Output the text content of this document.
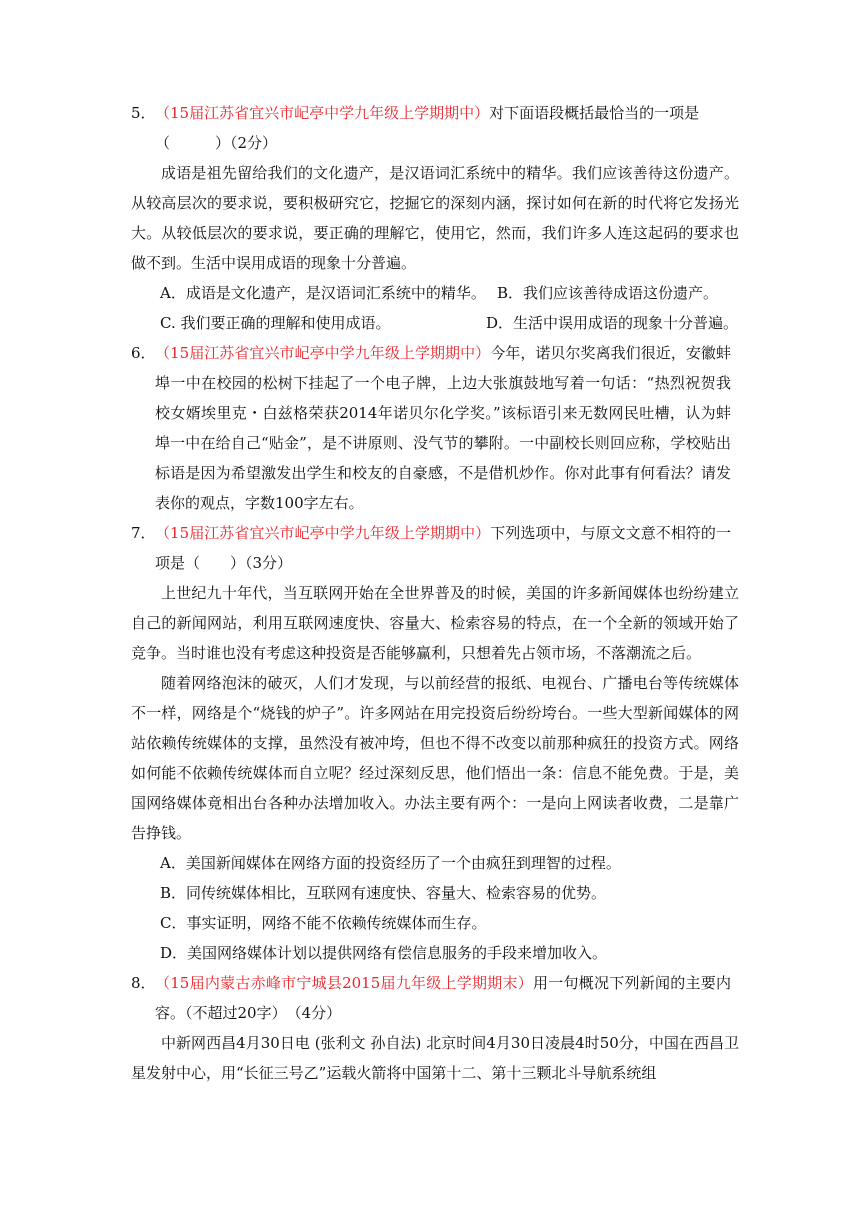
5． （15届江苏省宜兴市屺亭中学九年级上学期期中）对下面语段概括最恰当的一项是
（　　　）（2分）
成语是祖先留给我们的文化遗产，是汉语词汇系统中的精华。我们应该善待这份遗产。从较高层次的要求说，要积极研究它，挖掘它的深刻内涵，探讨如何在新的时代将它发扬光大。从较低层次的要求说，要正确的理解它，使用它，然而，我们许多人连这起码的要求也做不到。生活中误用成语的现象十分普遍。
A．成语是文化遗产，是汉语词汇系统中的精华。 B．我们应该善待成语这份遗产。
C. 我们要正确的理解和使用成语。	D．生活中误用成语的现象十分普遍。
6． （15届江苏省宜兴市屺亭中学九年级上学期期中）今年，诺贝尔奖离我们很近，安徽蚌埠一中在校园的松树下挂起了一个电子牌，上边大张旗鼓地写着一句话：“热烈祝贺我校女婿埃里克・白兹格荣获2014年诺贝尔化学奖。”该标语引来无数网民吐槽，认为蚌埠一中在给自己“贴金”，是不讲原则、没气节的攀附。一中副校长则回应称，学校贴出标语是因为希望激发出学生和校友的自豪感，不是借机炒作。你对此事有何看法？请发表你的观点，字数100字左右。
7． （15届江苏省宜兴市屺亭中学九年级上学期期中）下列选项中，与原文文意不相符的一项是（　　）（3分）
上世纪九十年代，当互联网开始在全世界普及的时候，美国的许多新闻媒体也纷纷建立自己的新闻网站，利用互联网速度快、容量大、检索容易的特点，在一个全新的领域开始了竞争。当时谁也没有考虑这种投资是否能够赢利，只想着先占领市场，不落潮流之后。
随着网络泡沫的破灭，人们才发现，与以前经营的报纸、电视台、广播电台等传统媒体不一样，网络是个“烧钱的炉子”。许多网站在用完投资后纷纷垮台。一些大型新闻媒体的网站依赖传统媒体的支撑，虽然没有被冲垮，但也不得不改变以前那种疯狂的投资方式。网络如何能不依赖传统媒体而自立呢？经过深刻反思，他们悟出一条：信息不能免费。于是，美国网络媒体竟相出台各种办法增加收入。办法主要有两个：一是向上网读者收费，二是靠广告挣钱。
A．美国新闻媒体在网络方面的投资经历了一个由疯狂到理智的过程。
B．同传统媒体相比，互联网有速度快、容量大、检索容易的优势。
C．事实证明，网络不能不依赖传统媒体而生存。
D．美国网络媒体计划以提供网络有偿信息服务的手段来增加收入。
8． （15届内蒙古赤峰市宁城县2015届九年级上学期期末）用一句概况下列新闻的主要内容。（不超过20字）　（4分）
中新网西昌4月30日电 (张利文 孙自法) 北京时间4月30日凌晨4时50分，中国在西昌卫星发射中心，用“长征三号乙”运载火箭将中国第十二、第十三颗北斗导航系统组
